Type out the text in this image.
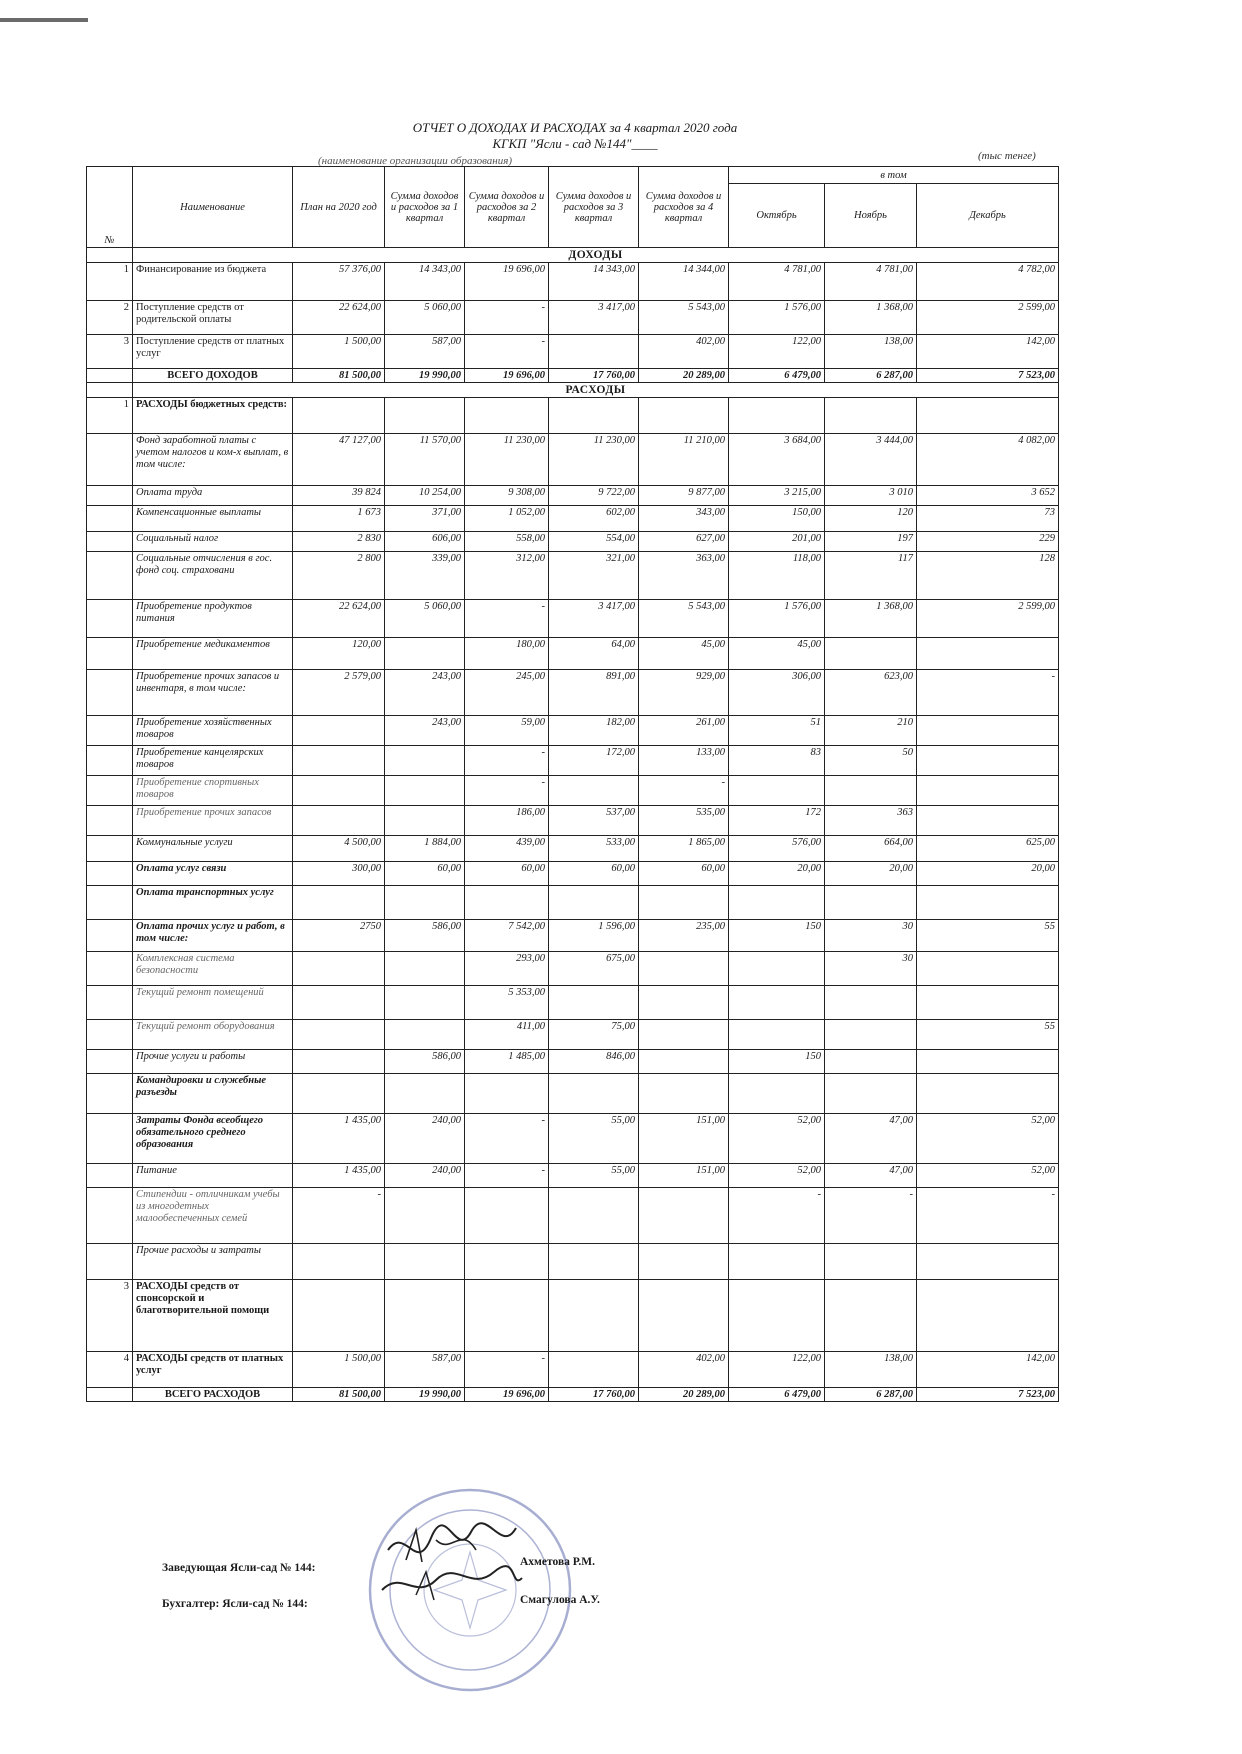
ОТЧЕТ О ДОХОДАХ И РАСХОДАХ за 4 квартал 2020 года
КГКП "Ясли - сад №144"____
(наименование организации образования)	(тыс тенге)
№	Наименование	План на 2020 год	Сумма доходов и расходов за 1 квартал	Сумма доходов и расходов за 2 квартал	Сумма доходов и расходов за 3 квартал	Сумма доходов и расходов за 4 квартал	в том		
							Октябрь	Ноябрь	Декабрь
	ДОХОДЫ								
1	Финансирование из бюджета	57 376,00	14 343,00	19 696,00	14 343,00	14 344,00	4 781,00	4 781,00	4 782,00
2	Поступление средств от родительской оплаты	22 624,00	5 060,00	-	3 417,00	5 543,00	1 576,00	1 368,00	2 599,00
3	Поступление средств от платных услуг	1 500,00	587,00	-		402,00	122,00	138,00	142,00
	ВСЕГО ДОХОДОВ	81 500,00	19 990,00	19 696,00	17 760,00	20 289,00	6 479,00	6 287,00	7 523,00
	РАСХОДЫ								
1	РАСХОДЫ бюджетных средств:								
	Фонд заработной платы с учетом налогов и ком-х выплат, в том числе:	47 127,00	11 570,00	11 230,00	11 230,00	11 210,00	3 684,00	3 444,00	4 082,00
	Оплата труда	39 824	10 254,00	9 308,00	9 722,00	9 877,00	3 215,00	3 010	3 652
	Компенсационные выплаты	1 673	371,00	1 052,00	602,00	343,00	150,00	120	73
	Социальный налог	2 830	606,00	558,00	554,00	627,00	201,00	197	229
	Социальные отчисления в гос. фонд соц. страховани	2 800	339,00	312,00	321,00	363,00	118,00	117	128
	Приобретение продуктов питания	22 624,00	5 060,00	-	3 417,00	5 543,00	1 576,00	1 368,00	2 599,00
	Приобретение медикаментов	120,00		180,00	64,00	45,00	45,00		
	Приобретение прочих запасов и инвентаря, в том числе:	2 579,00	243,00	245,00	891,00	929,00	306,00	623,00	-
	Приобретение хозяйственных товаров		243,00	59,00	182,00	261,00	51	210	
	Приобретение канцелярских товаров			-	172,00	133,00	83	50	
	Приобретение спортивных товаров			-		-			
	Приобретение прочих запасов			186,00	537,00	535,00	172	363	
	Коммунальные услуги	4 500,00	1 884,00	439,00	533,00	1 865,00	576,00	664,00	625,00
	Оплата услуг связи	300,00	60,00	60,00	60,00	60,00	20,00	20,00	20,00
	Оплата транспортных услуг								
	Оплата прочих услуг и работ, в том числе:	2750	586,00	7 542,00	1 596,00	235,00	150	30	55
	Комплексная система безопасности			293,00	675,00			30	
	Текущий ремонт помещений			5 353,00					
	Текущий ремонт оборудования			411,00	75,00				55
	Прочие услуги и работы		586,00	1 485,00	846,00		150		
	Командировки и служебные разъезды								
	Затраты Фонда всеобщего обязательного среднего образования	1 435,00	240,00	-	55,00	151,00	52,00	47,00	52,00
	Питание	1 435,00	240,00	-	55,00	151,00	52,00	47,00	52,00
	Стипендии - отличникам учебы из многодетных малообеспеченных семей	-					-	-	-
	Прочие расходы и затраты								
3	РАСХОДЫ средств от спонсорской и благотворительной помощи								
4	РАСХОДЫ средств от платных услуг	1 500,00	587,00	-		402,00	122,00	138,00	142,00
	ВСЕГО РАСХОДОВ	81 500,00	19 990,00	19 696,00	17 760,00	20 289,00	6 479,00	6 287,00	7 523,00
Заведующая Ясли-сад № 144:	Ахметова Р.М.
Бухгалтер: Ясли-сад № 144:	Смагулова А.У.
